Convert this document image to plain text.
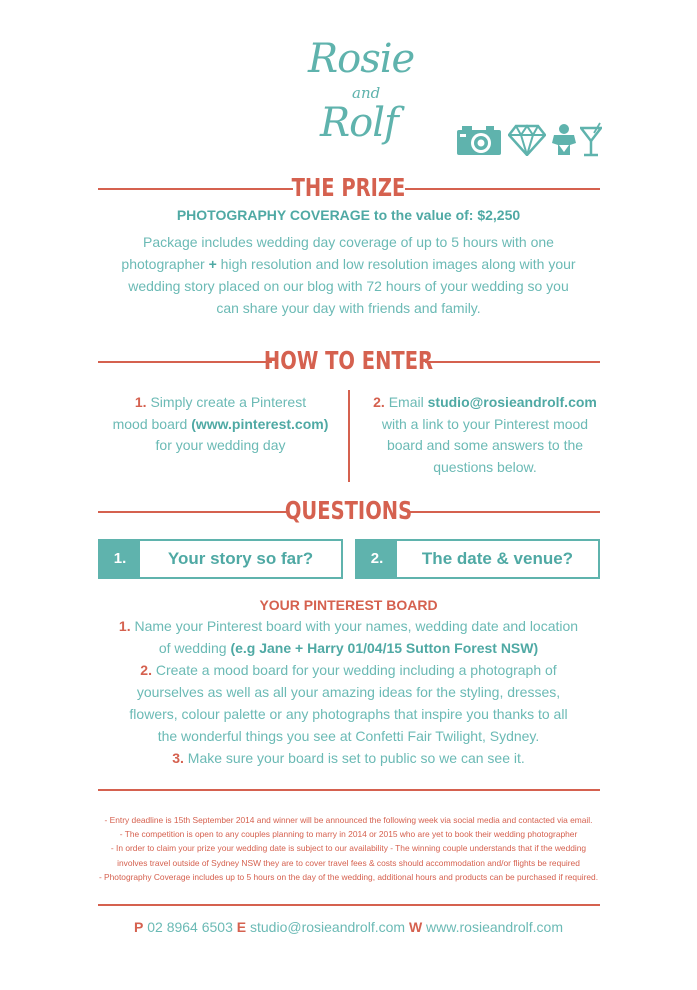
Rosie
and
Rolf
THE PRIZE
PHOTOGRAPHY COVERAGE to the value of: $2,250
Package includes wedding day coverage of up to 5 hours with one
photographer + high resolution and low resolution images along with your
wedding story placed on our blog with 72 hours of your wedding so you
can share your day with friends and family.
HOW TO ENTER
1. Simply create a Pinterest
mood board (www.pinterest.com)
for your wedding day
2. Email studio@rosieandrolf.com
with a link to your Pinterest mood
board and some answers to the
questions below.
QUESTIONS
1.	Your story so far?	2.	The date & venue?
YOUR PINTEREST BOARD
1. Name your Pinterest board with your names, wedding date and location
of wedding (e.g Jane + Harry 01/04/15 Sutton Forest NSW)
2. Create a mood board for your wedding including a photograph of
yourselves as well as all your amazing ideas for the styling, dresses,
flowers, colour palette or any photographs that inspire you thanks to all
the wonderful things you see at Confetti Fair Twilight, Sydney.
3. Make sure your board is set to public so we can see it.
- Entry deadline is 15th September 2014 and winner will be announced the following week via social media and contacted via email.
- The competition is open to any couples planning to marry in 2014 or 2015 who are yet to book their wedding photographer
- In order to claim your prize your wedding date is subject to our availability - The winning couple understands that if the wedding
involves travel outside of Sydney NSW they are to cover travel fees & costs should accommodation and/or flights be required
- Photography Coverage includes up to 5 hours on the day of the wedding, additional hours and products can be purchased if required.
P 02 8964 6503 E studio@rosieandrolf.com W www.rosieandrolf.com
